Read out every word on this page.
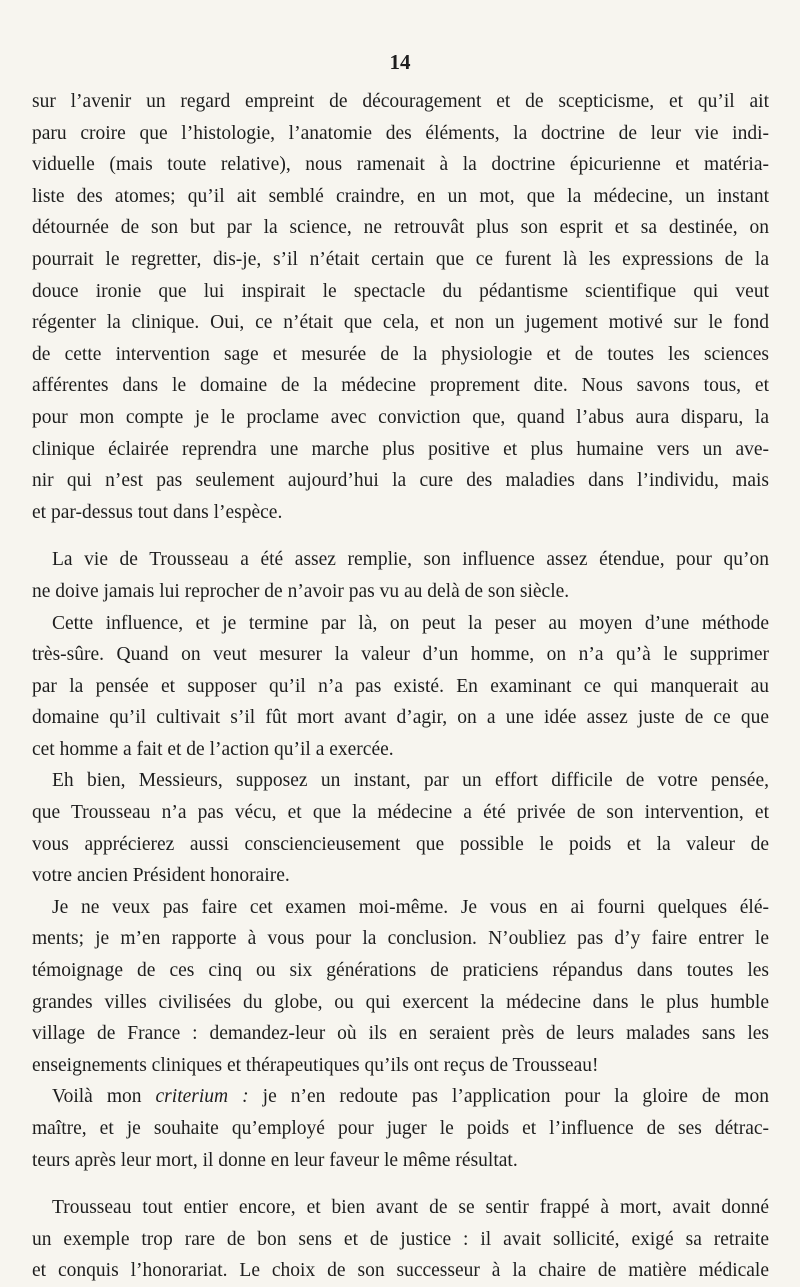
14
sur l’avenir un regard empreint de découragement et de scepticisme, et qu’il ait
paru croire que l’histologie, l’anatomie des éléments, la doctrine de leur vie indi-
viduelle (mais toute relative), nous ramenait à la doctrine épicurienne et matéria-
liste des atomes; qu’il ait semblé craindre, en un mot, que la médecine, un instant
détournée de son but par la science, ne retrouvât plus son esprit et sa destinée, on
pourrait le regretter, dis-je, s’il n’était certain que ce furent là les expressions de la
douce ironie que lui inspirait le spectacle du pédantisme scientifique qui veut
régenter la clinique. Oui, ce n’était que cela, et non un jugement motivé sur le fond
de cette intervention sage et mesurée de la physiologie et de toutes les sciences
afférentes dans le domaine de la médecine proprement dite. Nous savons tous, et
pour mon compte je le proclame avec conviction que, quand l’abus aura disparu, la
clinique éclairée reprendra une marche plus positive et plus humaine vers un ave-
nir qui n’est pas seulement aujourd’hui la cure des maladies dans l’individu, mais
et par-dessus tout dans l’espèce.
La vie de Trousseau a été assez remplie, son influence assez étendue, pour qu’on
ne doive jamais lui reprocher de n’avoir pas vu au delà de son siècle.
Cette influence, et je termine par là, on peut la peser au moyen d’une méthode
très-sûre. Quand on veut mesurer la valeur d’un homme, on n’a qu’à le supprimer
par la pensée et supposer qu’il n’a pas existé. En examinant ce qui manquerait au
domaine qu’il cultivait s’il fût mort avant d’agir, on a une idée assez juste de ce que
cet homme a fait et de l’action qu’il a exercée.
Eh bien, Messieurs, supposez un instant, par un effort difficile de votre pensée,
que Trousseau n’a pas vécu, et que la médecine a été privée de son intervention, et
vous apprécierez aussi consciencieusement que possible le poids et la valeur de
votre ancien Président honoraire.
Je ne veux pas faire cet examen moi-même. Je vous en ai fourni quelques élé-
ments; je m’en rapporte à vous pour la conclusion. N’oubliez pas d’y faire entrer le
témoignage de ces cinq ou six générations de praticiens répandus dans toutes les
grandes villes civilisées du globe, ou qui exercent la médecine dans le plus humble
village de France : demandez-leur où ils en seraient près de leurs malades sans les
enseignements cliniques et thérapeutiques qu’ils ont reçus de Trousseau!
Voilà mon criterium : je n’en redoute pas l’application pour la gloire de mon
maître, et je souhaite qu’employé pour juger le poids et l’influence de ses détrac-
teurs après leur mort, il donne en leur faveur le même résultat.
Trousseau tout entier encore, et bien avant de se sentir frappé à mort, avait donné
un exemple trop rare de bon sens et de justice : il avait sollicité, exigé sa retraite
et conquis l’honorariat. Le choix de son successeur à la chaire de matière médicale
